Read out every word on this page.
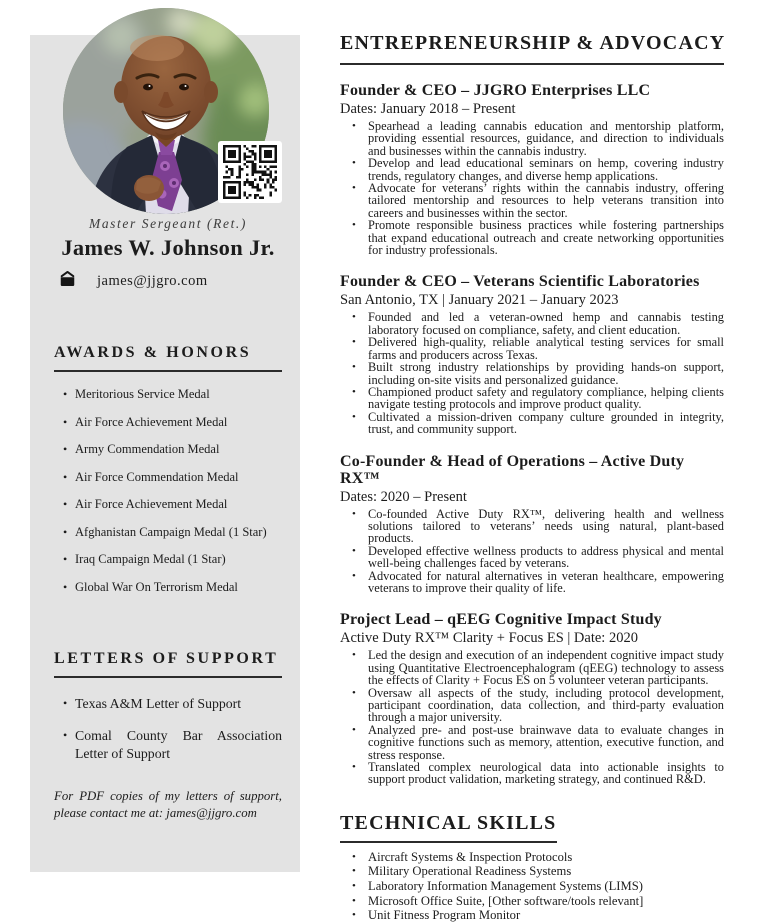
Master Sergeant (Ret.)
James W. Johnson Jr.
james@jjgro.com
AWARDS & HONORS
• Meritorious Service Medal
• Air Force Achievement Medal
• Army Commendation Medal
• Air Force Commendation Medal
• Air Force Achievement Medal
• Afghanistan Campaign Medal (1 Star)
• Iraq Campaign Medal (1 Star)
• Global War On Terrorism Medal
LETTERS OF SUPPORT
• Texas A&M Letter of Support
• Comal County Bar Association Letter of Support
For PDF copies of my letters of support, please contact me at: james@jjgro.com
ENTREPRENEURSHIP & ADVOCACY
Founder & CEO – JJGRO Enterprises LLC
Dates: January 2018 – Present
• Spearhead a leading cannabis education and mentorship platform, providing essential resources, guidance, and direction to individuals and businesses within the cannabis industry.
• Develop and lead educational seminars on hemp, covering industry trends, regulatory changes, and diverse hemp applications.
• Advocate for veterans’ rights within the cannabis industry, offering tailored mentorship and resources to help veterans transition into careers and businesses within the sector.
• Promote responsible business practices while fostering partnerships that expand educational outreach and create networking opportunities for industry professionals.
Founder & CEO – Veterans Scientific Laboratories
San Antonio, TX | January 2021 – January 2023
• Founded and led a veteran-owned hemp and cannabis testing laboratory focused on compliance, safety, and client education.
• Delivered high-quality, reliable analytical testing services for small farms and producers across Texas.
• Built strong industry relationships by providing hands-on support, including on-site visits and personalized guidance.
• Championed product safety and regulatory compliance, helping clients navigate testing protocols and improve product quality.
• Cultivated a mission-driven company culture grounded in integrity, trust, and community support.
Co-Founder & Head of Operations – Active Duty RX™
Dates: 2020 – Present
• Co-founded Active Duty RX™, delivering health and wellness solutions tailored to veterans’ needs using natural, plant-based products.
• Developed effective wellness products to address physical and mental well-being challenges faced by veterans.
• Advocated for natural alternatives in veteran healthcare, empowering veterans to improve their quality of life.
Project Lead – qEEG Cognitive Impact Study
Active Duty RX™ Clarity + Focus ES | Date: 2020
• Led the design and execution of an independent cognitive impact study using Quantitative Electroencephalogram (qEEG) technology to assess the effects of Clarity + Focus ES on 5 volunteer veteran participants.
• Oversaw all aspects of the study, including protocol development, participant coordination, data collection, and third-party evaluation through a major university.
• Analyzed pre- and post-use brainwave data to evaluate changes in cognitive functions such as memory, attention, executive function, and stress response.
• Translated complex neurological data into actionable insights to support product validation, marketing strategy, and continued R&D.
TECHNICAL SKILLS
• Aircraft Systems & Inspection Protocols
• Military Operational Readiness Systems
• Laboratory Information Management Systems (LIMS)
• Microsoft Office Suite, [Other software/tools relevant]
• Unit Fitness Program Monitor
